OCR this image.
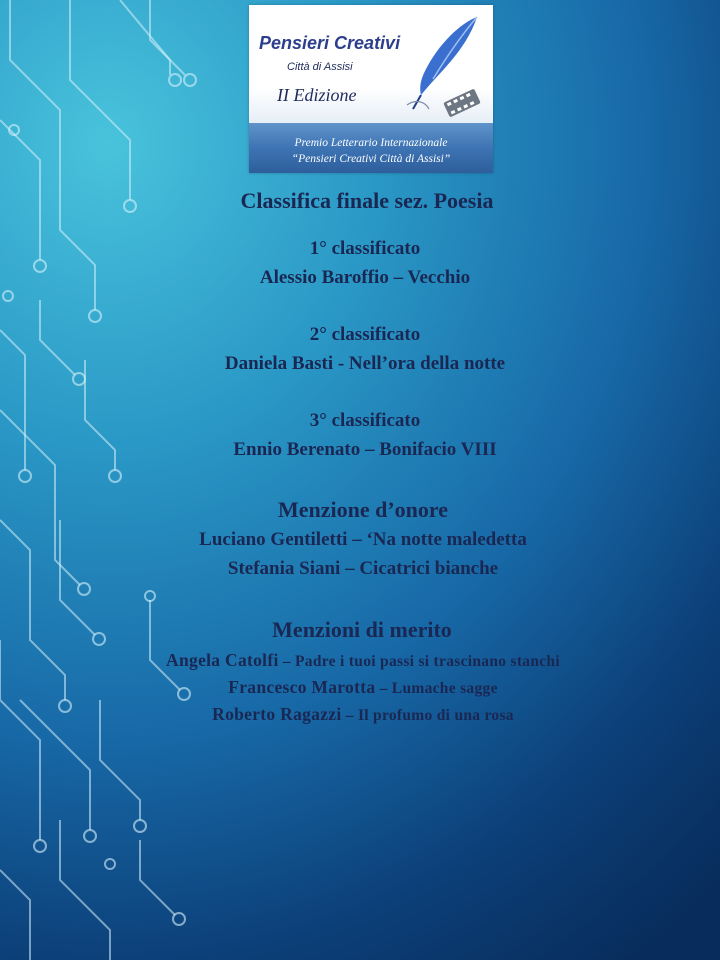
Pensieri Creativi
Città di Assisi
II Edizione
Premio Letterario Internazionale
“Pensieri Creativi Città di Assisi”
Classifica finale sez. Poesia
1° classificato
Alessio Baroffio – Vecchio
2° classificato
Daniela Basti - Nell’ora della notte
3° classificato
Ennio Berenato – Bonifacio VIII
Menzione d’onore
Luciano Gentiletti – ‘Na notte maledetta
Stefania Siani – Cicatrici bianche
Menzioni di merito
Angela Catolfi – Padre i tuoi passi si trascinano stanchi
Francesco Marotta – Lumache sagge
Roberto Ragazzi – Il profumo di una rosa
